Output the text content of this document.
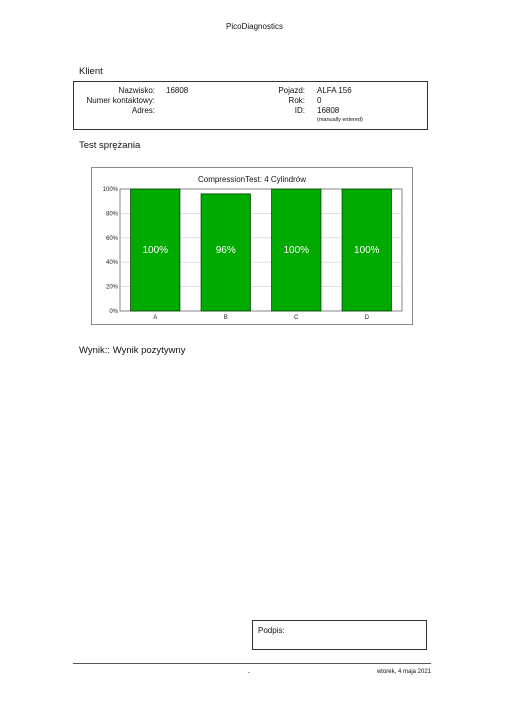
PicoDiagnostics
Klient
Nazwisko: 16808
Numer kontaktowy:
Adres:
Pojazd: ALFA 156
Rok: 0
ID: 16808
(manually entered)
Test sprężania
CompressionTest: 4 Cylindrów
0%
20%
40%
60%
80%
100%
100%
A
96%
B
100%
C
100%
D
Wynik:: Wynik pozytywny
Podpis:
-	wtorek, 4 maja 2021
